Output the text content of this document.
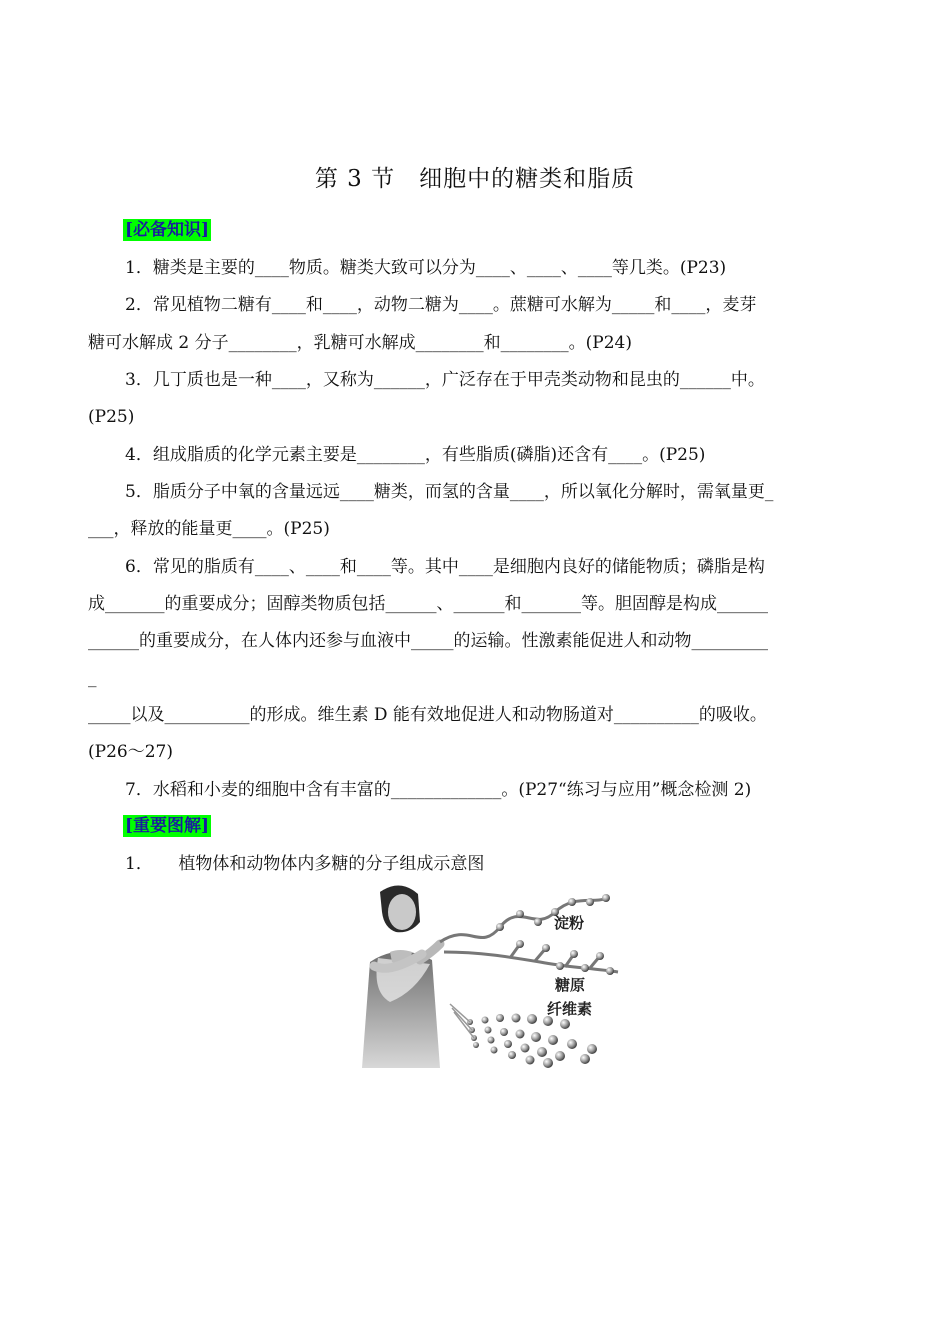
第 3 节　细胞中的糖类和脂质
[必备知识]
1．糖类是主要的____物质。糖类大致可以分为____、____、____等几类。(P23)
2．常见植物二糖有____和____，动物二糖为____。蔗糖可水解为_____和____，麦芽
糖可水解成 2 分子________，乳糖可水解成________和________。(P24)
3．几丁质也是一种____，又称为______，广泛存在于甲壳类动物和昆虫的______中。
(P25)
4．组成脂质的化学元素主要是________，有些脂质(磷脂)还含有____。(P25)
5．脂质分子中氧的含量远远____糖类，而氢的含量____，所以氧化分解时，需氧量更_
___，释放的能量更____。(P25)
6．常见的脂质有____、____和____等。其中____是细胞内良好的储能物质；磷脂是构
成_______的重要成分；固醇类物质包括______、______和_______等。胆固醇是构成______
______的重要成分，在人体内还参与血液中_____的运输。性激素能促进人和动物_________
_
_____以及__________的形成。维生素 D 能有效地促进人和动物肠道对__________的吸收。
(P26～27)
7．水稻和小麦的细胞中含有丰富的_____________。(P27“练习与应用”概念检测 2)
[重要图解]
1．　　植物体和动物体内多糖的分子组成示意图
淀粉
糖原
纤维素
